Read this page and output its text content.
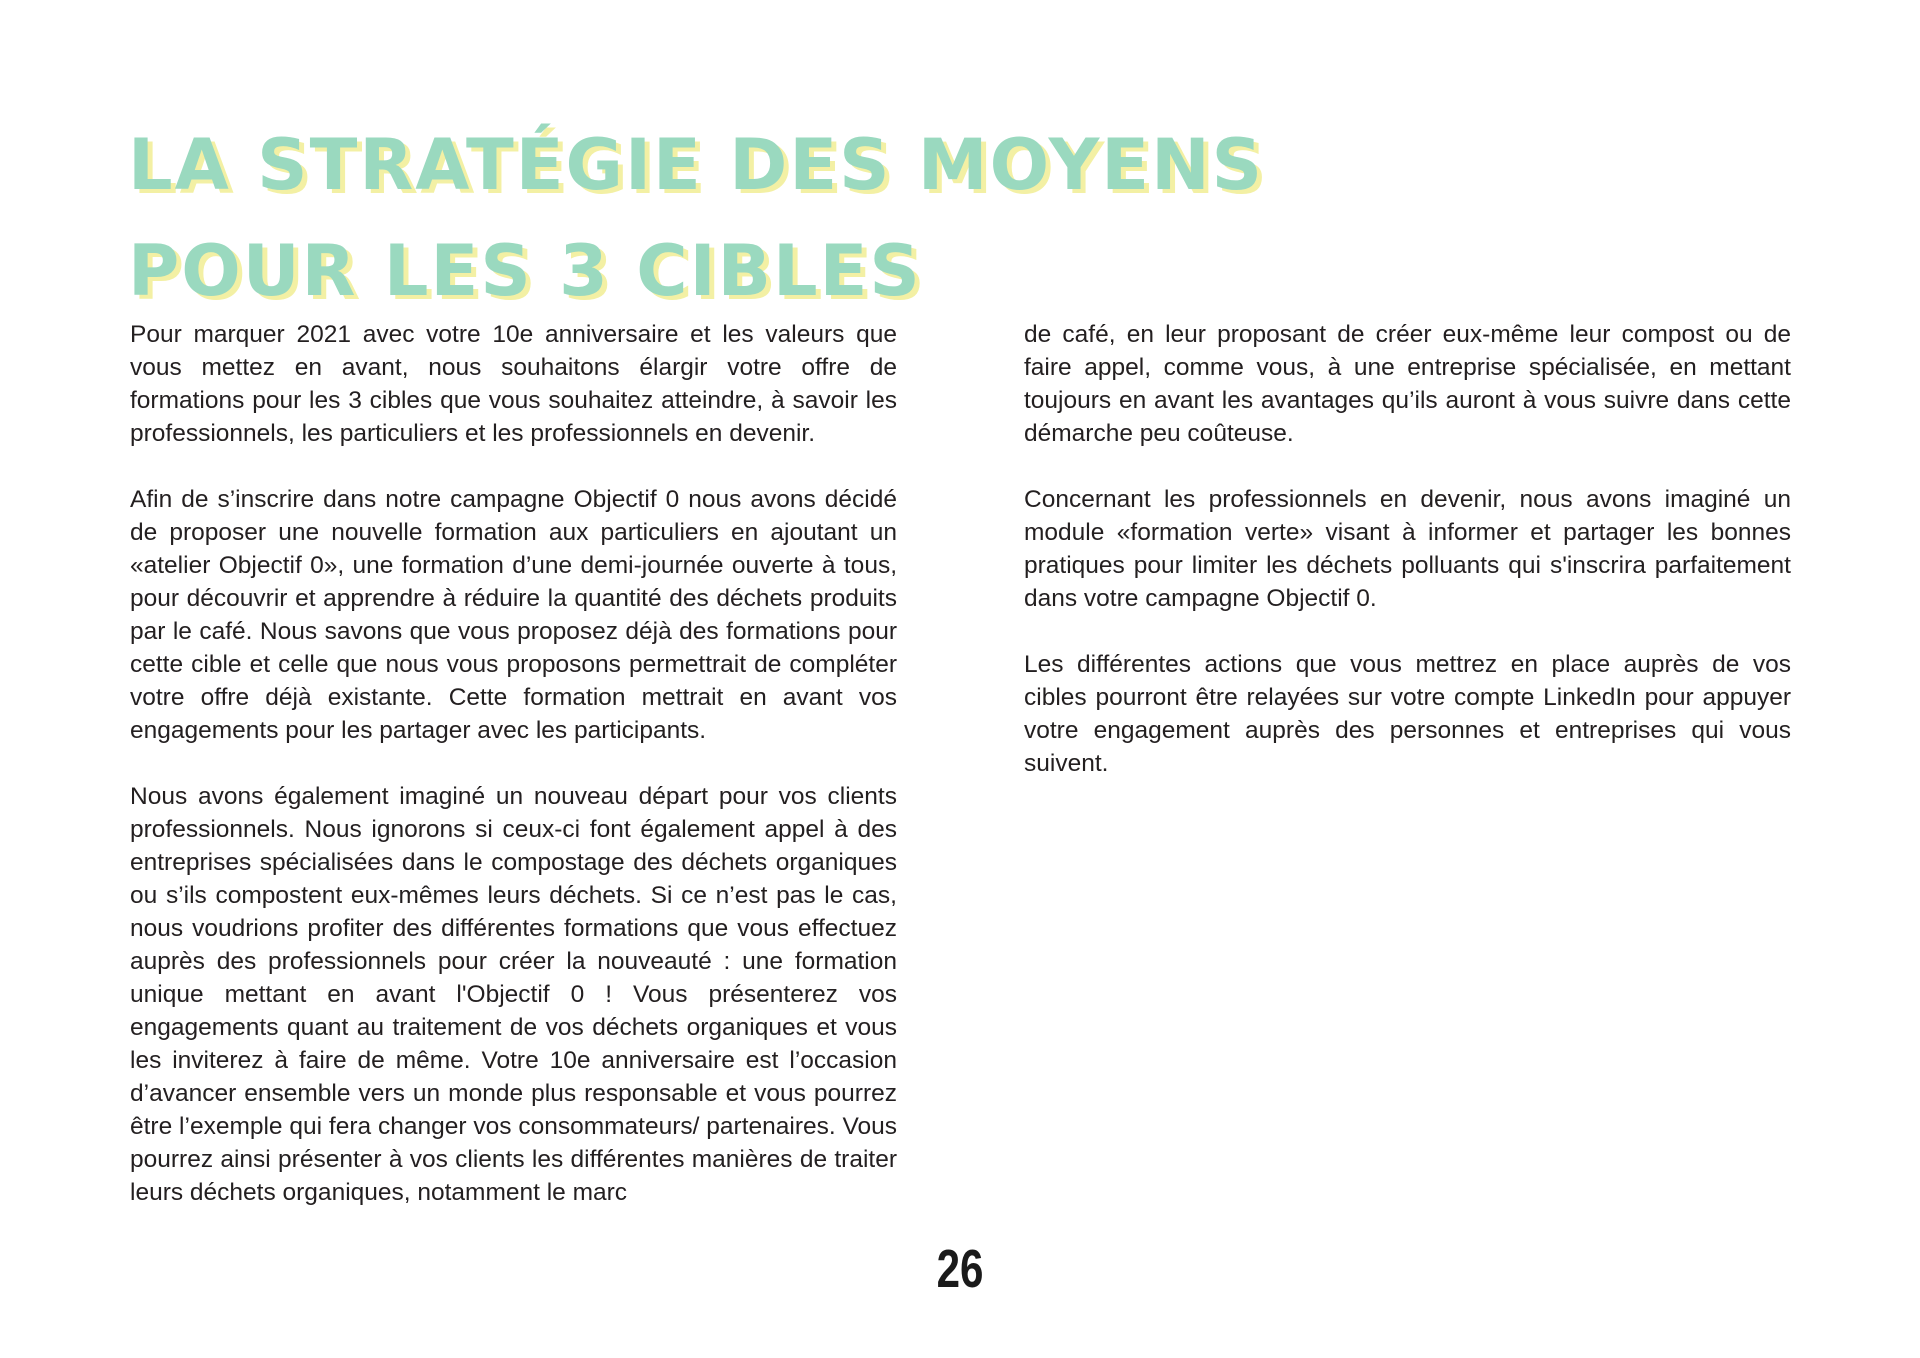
LA STRATÉGIE DES MOYENS
POUR LES 3 CIBLES

Pour marquer 2021 avec votre 10e anniversaire et les valeurs que vous mettez en avant, nous souhaitons élargir votre offre de formations pour les 3 cibles que vous souhaitez atteindre, à savoir les professionnels, les particuliers et les professionnels en devenir.

Afin de s’inscrire dans notre campagne Objectif 0 nous avons décidé de proposer une nouvelle formation aux particuliers en ajoutant un «atelier Objectif 0», une formation d’une demi-journée ouverte à tous, pour découvrir et apprendre à réduire la quantité des déchets produits par le café. Nous savons que vous proposez déjà des formations pour cette cible et celle que nous vous proposons permettrait de compléter votre offre déjà existante. Cette formation mettrait en avant vos engagements pour les partager avec les participants.

Nous avons également imaginé un nouveau départ pour vos clients professionnels. Nous ignorons si ceux-ci font également appel à des entreprises spécialisées dans le compostage des déchets organiques ou s’ils compostent eux-mêmes leurs déchets. Si ce n’est pas le cas, nous voudrions profiter des différentes formations que vous effectuez auprès des professionnels pour créer la nouveauté : une formation unique mettant en avant l'Objectif 0 ! Vous présenterez vos engagements quant au traitement de vos déchets organiques et vous les inviterez à faire de même. Votre 10e anniversaire est l’occasion d’avancer ensemble vers un monde plus responsable et vous pourrez être l’exemple qui fera changer vos consommateurs/ partenaires. Vous pourrez ainsi présenter à vos clients les différentes manières de traiter leurs déchets organiques, notamment le marc

de café, en leur proposant de créer eux-même leur compost ou de faire appel, comme vous, à une entreprise spécialisée, en mettant toujours en avant les avantages qu’ils auront à vous suivre dans cette démarche peu coûteuse.

Concernant les professionnels en devenir, nous avons imaginé un module «formation verte» visant à informer et partager les bonnes pratiques pour limiter les déchets polluants qui s'inscrira parfaitement dans votre campagne Objectif 0.

Les différentes actions que vous mettrez en place auprès de vos cibles pourront être relayées sur votre compte LinkedIn pour appuyer votre engagement auprès des personnes et entreprises qui vous suivent.

26
